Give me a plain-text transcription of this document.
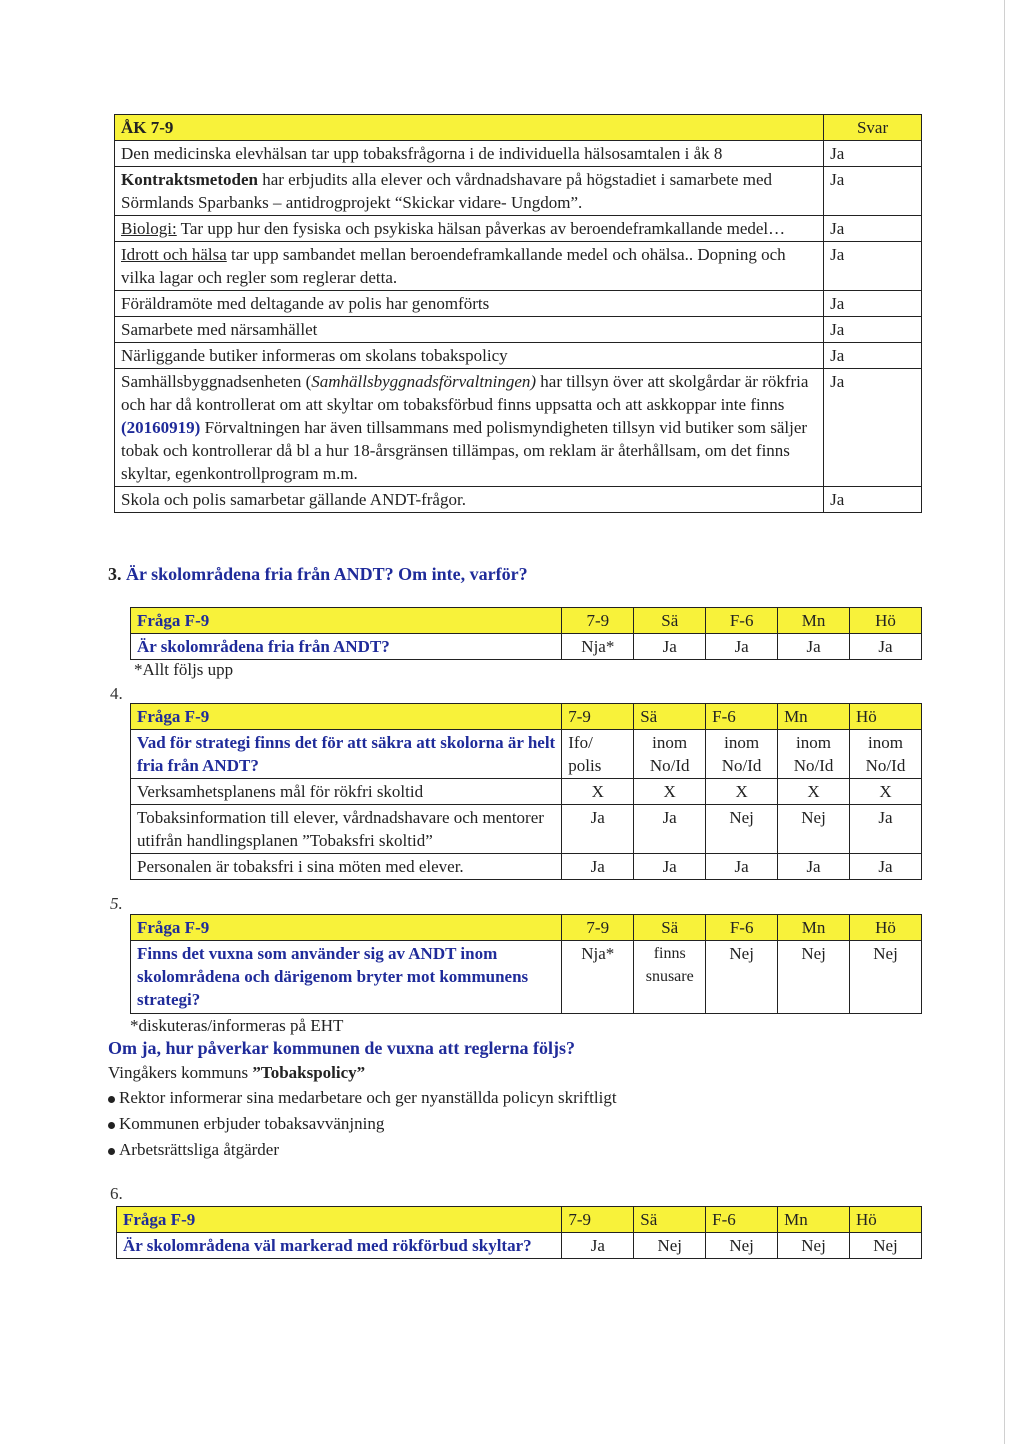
ÅK 7-9	Svar
Den medicinska elevhälsan tar upp tobaksfrågorna i de individuella hälsosamtalen i åk 8	Ja
Kontraktsmetoden har erbjudits alla elever och vårdnadshavare på högstadiet i samarbete med Sörmlands Sparbanks – antidrogprojekt “Skickar vidare- Ungdom”.	Ja
Biologi: Tar upp hur den fysiska och psykiska hälsan påverkas av beroendeframkallande medel…	Ja
Idrott och hälsa tar upp sambandet mellan beroendeframkallande medel och ohälsa.. Dopning och vilka lagar och regler som reglerar detta.	Ja
Föräldramöte med deltagande av polis har genomförts	Ja
Samarbete med närsamhället	Ja
Närliggande butiker informeras om skolans tobakspolicy	Ja
Samhällsbyggnadsenheten (Samhällsbyggnadsförvaltningen) har tillsyn över att skolgårdar är rökfria och har då kontrollerat om att skyltar om tobaksförbud finns uppsatta och att askkoppar inte finns (20160919) Förvaltningen har även tillsammans med polismyndigheten tillsyn vid butiker som säljer tobak och kontrollerar då bl a hur 18-årsgränsen tillämpas, om reklam är återhållsam, om det finns skyltar, egenkontrollprogram m.m.	Ja
Skola och polis samarbetar gällande ANDT-frågor.	Ja
3. Är skolområdena fria från ANDT? Om inte, varför?
Fråga F-9	7-9	Sä	F-6	Mn	Hö
Är skolområdena fria från ANDT?	Nja*	Ja	Ja	Ja	Ja
*Allt följs upp
4.
Fråga F-9	7-9	Sä	F-6	Mn	Hö
Vad för strategi finns det för att säkra att skolorna är helt fria från ANDT?	Ifo/ polis	inom No/Id	inom No/Id	inom No/Id	inom No/Id
Verksamhetsplanens mål för rökfri skoltid	X	X	X	X	X
Tobaksinformation till elever, vårdnadshavare och mentorer utifrån handlingsplanen ”Tobaksfri skoltid”	Ja	Ja	Nej	Nej	Ja
Personalen är tobaksfri i sina möten med elever.	Ja	Ja	Ja	Ja	Ja
5.
Fråga F-9	7-9	Sä	F-6	Mn	Hö
Finns det vuxna som använder sig av ANDT inom skolområdena och därigenom bryter mot kommunens strategi?	Nja*	finns snusare	Nej	Nej	Nej
*diskuteras/informeras på EHT
Om ja, hur påverkar kommunen de vuxna att reglerna följs?
Vingåkers kommuns ”Tobakspolicy”
Rektor informerar sina medarbetare och ger nyanställda policyn skriftligt
Kommunen erbjuder tobaksavvänjning
Arbetsrättsliga åtgärder
6.
Fråga F-9	7-9	Sä	F-6	Mn	Hö
Är skolområdena väl markerad med rökförbud skyltar?	Ja	Nej	Nej	Nej	Nej
